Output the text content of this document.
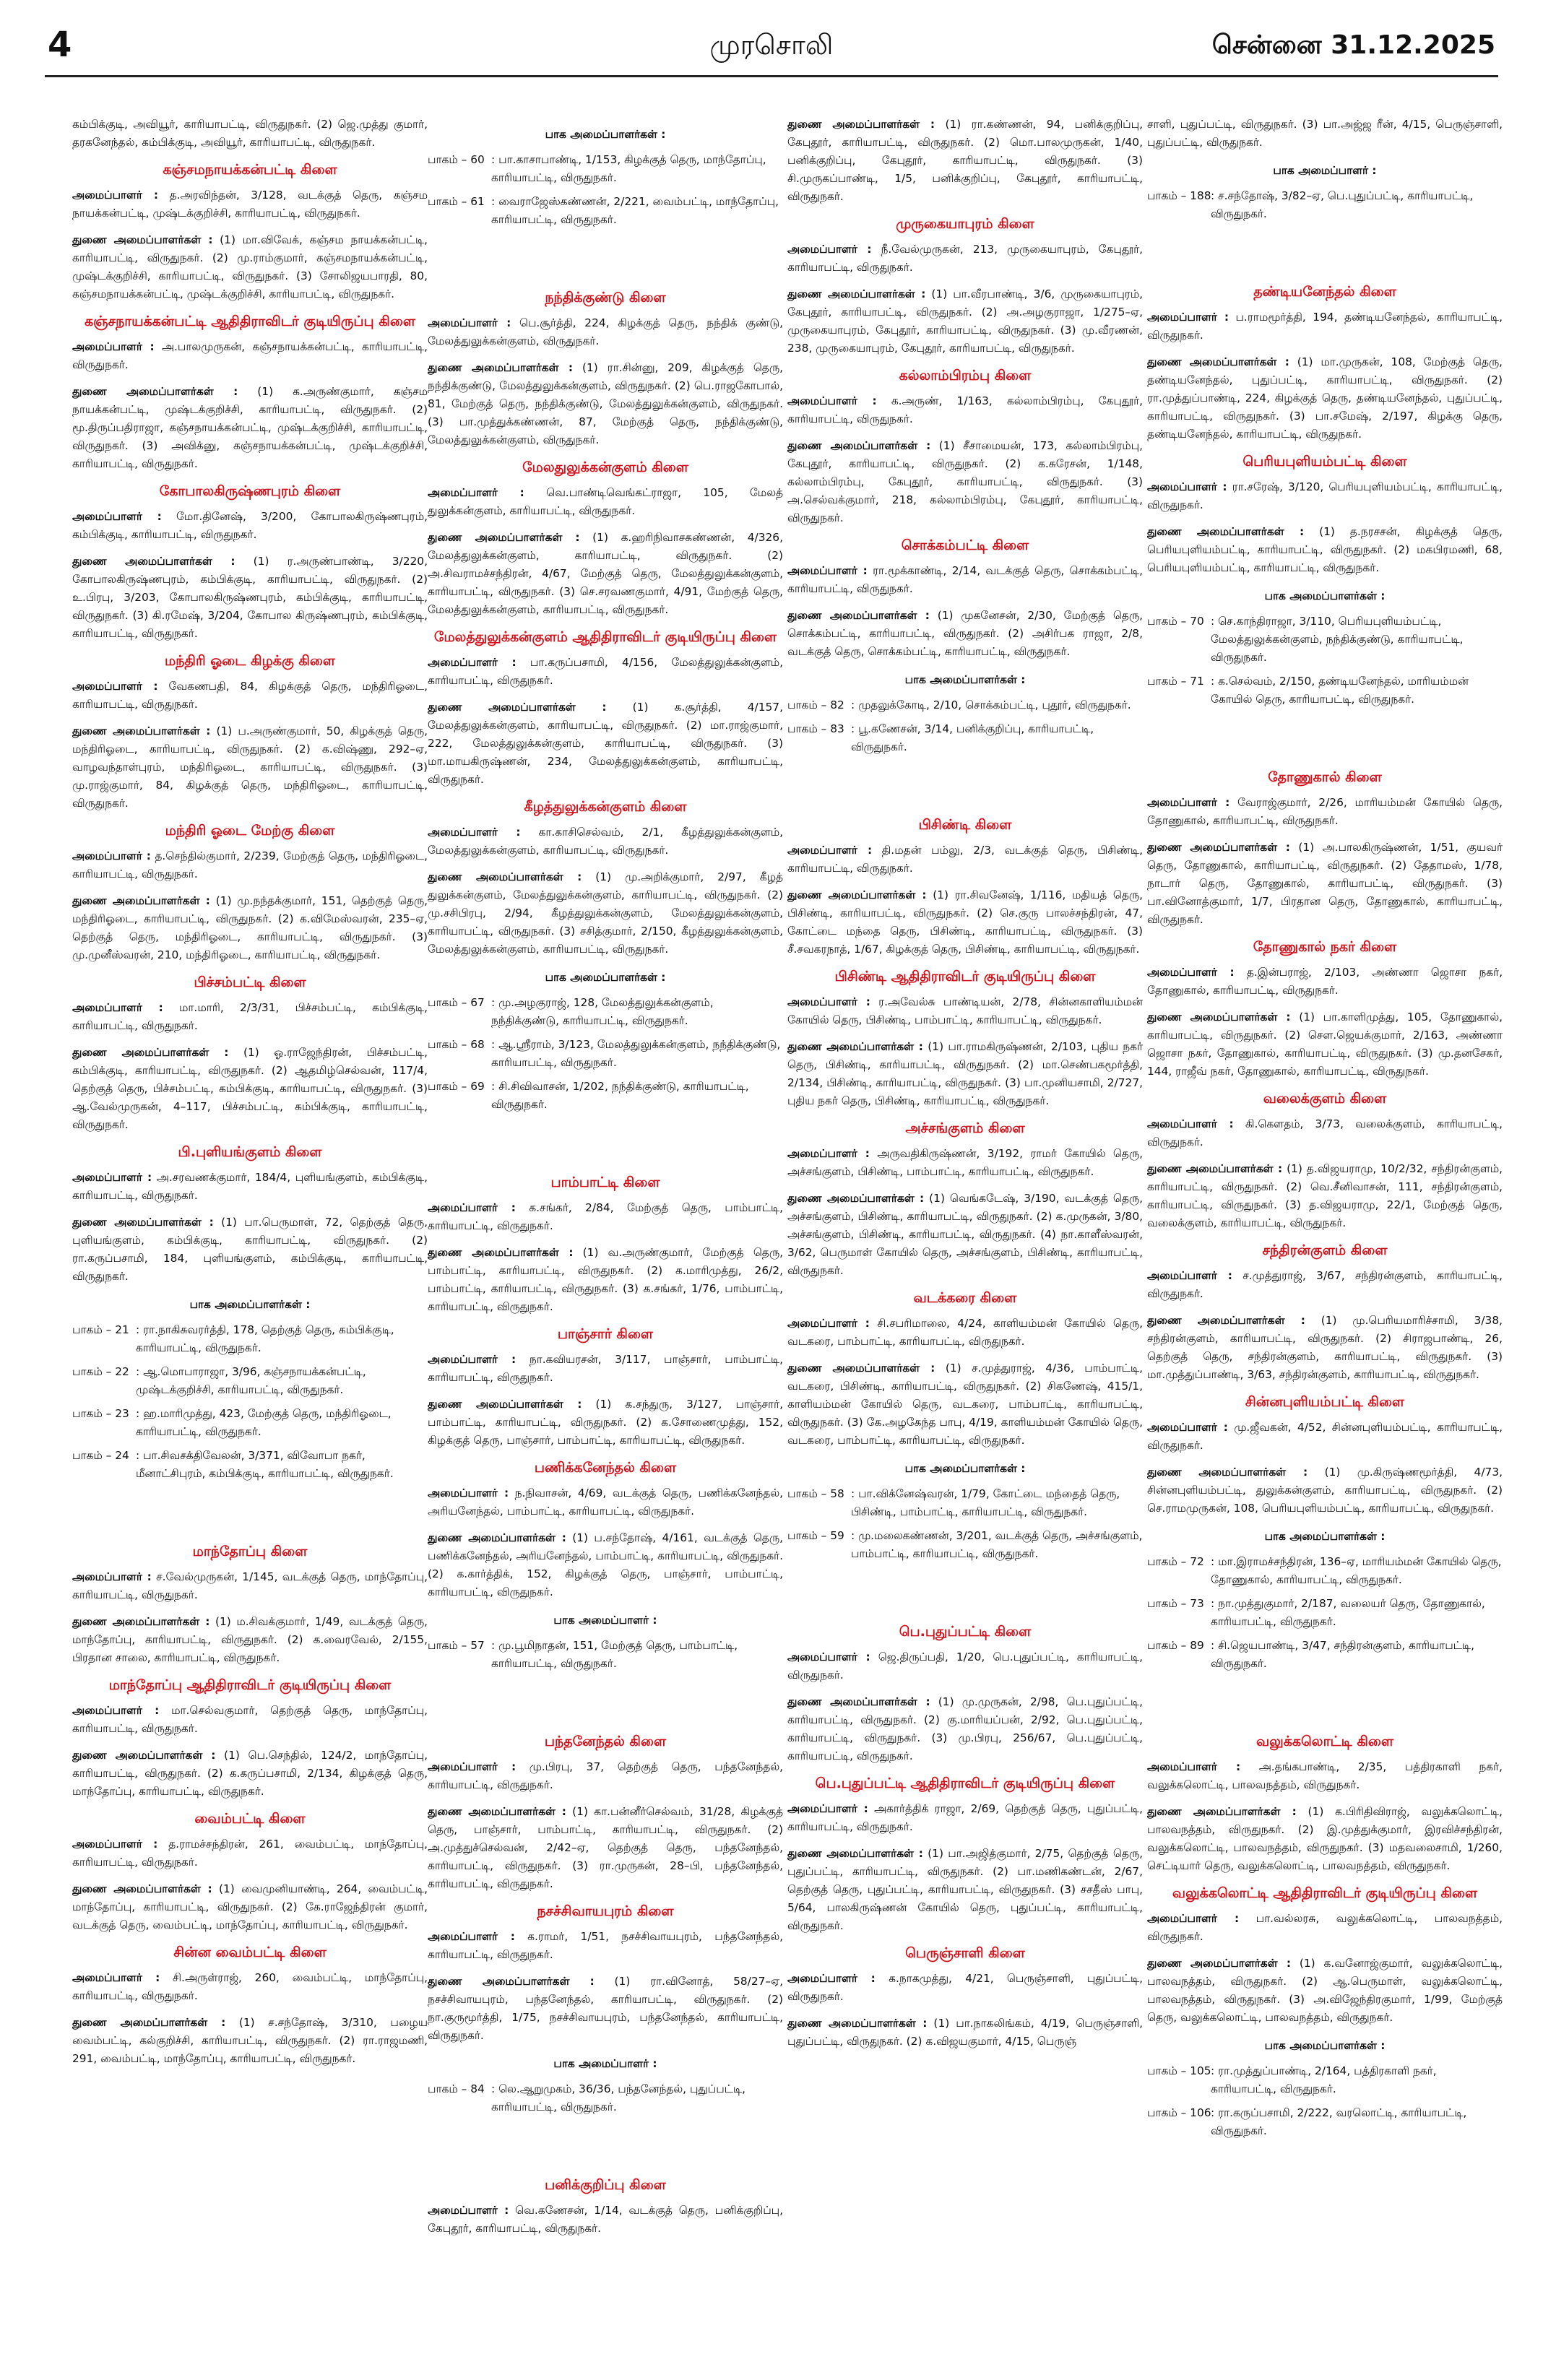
4	முரசொலி	சென்னை 31.12.2025

கம்பிக்குடி, அவியூர், காரியாபட்டி, விருதுநகர். (2) ஜெ.முத்து குமார், தரகனேந்தல், கம்பிக்குடி, அவியூர், காரியாபட்டி, விருதுநகர்.

கஞ்சமநாயக்கன்பட்டி கிளை

அமைப்பாளர் : த.அரவிந்தன், 3/128, வடக்குத் தெரு, கஞ்சம நாயக்கன்பட்டி, முஷ்டக்குறிச்சி, காரியாபட்டி, விருதுநகர்.

துணை அமைப்பாளர்கள் : (1) மா.விவேக், கஞ்சம நாயக்கன்பட்டி, காரியாபட்டி, விருதுநகர். (2) மு.ராம்குமார், கஞ்சமநாயக்கன்பட்டி, முஷ்டக்குறிச்சி, காரியாபட்டி, விருதுநகர். (3) சோலிஜயபாரதி, 80, கஞ்சமநாயக்கன்பட்டி, முஷ்டக்குறிச்சி, காரியாபட்டி, விருதுநகர்.

கஞ்சநாயக்கன்பட்டி ஆதிதிராவிடர் குடியிருப்பு கிளை

அமைப்பாளர் : அ.பாலமுருகன், கஞ்சநாயக்கன்பட்டி, காரியாபட்டி, விருதுநகர்.

துணை அமைப்பாளர்கள் : (1) க.அருண்குமார், கஞ்சம நாயக்கன்பட்டி, முஷ்டக்குறிச்சி, காரியாபட்டி, விருதுநகர். (2) மூ.திருப்பதிராஜா, கஞ்சநாயக்கன்பட்டி, முஷ்டக்குறிச்சி, காரியாபட்டி, விருதுநகர். (3) அவிக்னு, கஞ்சநாயக்கன்பட்டி, முஷ்டக்குறிச்சி, காரியாபட்டி, விருதுநகர்.

கோபாலகிருஷ்ணபுரம் கிளை

அமைப்பாளர் : மோ.தினேஷ், 3/200, கோபாலகிருஷ்ணபுரம், கம்பிக்குடி, காரியாபட்டி, விருதுநகர்.

துணை அமைப்பாளர்கள் : (1) ர.அருண்பாண்டி, 3/220, கோபாலகிருஷ்ணபுரம், கம்பிக்குடி, காரியாபட்டி, விருதுநகர். (2) உ.பிரபு, 3/203, கோபாலகிருஷ்ணபுரம், கம்பிக்குடி, காரியாபட்டி, விருதுநகர். (3) கி.ரமேஷ், 3/204, கோபால கிருஷ்ணபுரம், கம்பிக்குடி, காரியாபட்டி, விருதுநகர்.

மந்திரி ஓடை கிழக்கு கிளை

அமைப்பாளர் : வேகணபதி, 84, கிழக்குத் தெரு, மந்திரிஓடை, காரியாபட்டி, விருதுநகர்.

துணை அமைப்பாளர்கள் : (1) ப.அருண்குமார், 50, கிழக்குத் தெரு, மந்திரிஓடை, காரியாபட்டி, விருதுநகர். (2) க.விஷ்ணு, 292–ஏ, வாழவந்தாள்புரம், மந்திரிஓடை, காரியாபட்டி, விருதுநகர். (3) மு.ராஜ்குமார், 84, கிழக்குத் தெரு, மந்திரிஓடை, காரியாபட்டி, விருதுநகர்.

மந்திரி ஓடை மேற்கு கிளை

அமைப்பாளர் : த.செந்தில்குமார், 2/239, மேற்குத் தெரு, மந்திரிஓடை, காரியாபட்டி, விருதுநகர்.

துணை அமைப்பாளர்கள் : (1) மு.நந்தக்குமார், 151, தெற்குத் தெரு, மந்திரிஓடை, காரியாபட்டி, விருதுநகர். (2) க.விமேஸ்வரன், 235–ஏ, தெற்குத் தெரு, மந்திரிஓடை, காரியாபட்டி, விருதுநகர். (3) மு.முனீஸ்வரன், 210, மந்திரிஓடை, காரியாபட்டி, விருதுநகர்.

பிச்சம்பட்டி கிளை

அமைப்பாளர் : மா.மாரி, 2/3/31, பிச்சம்பட்டி, கம்பிக்குடி, காரியாபட்டி, விருதுநகர்.

துணை அமைப்பாளர்கள் : (1) ஓ.ராஜேந்திரன், பிச்சம்பட்டி, கம்பிக்குடி, காரியாபட்டி, விருதுநகர். (2) ஆதமிழ்செல்வன், 117/4, தெற்குத் தெரு, பிச்சம்பட்டி, கம்பிக்குடி, காரியாபட்டி, விருதுநகர். (3) ஆ.வேல்முருகன், 4–117, பிச்சம்பட்டி, கம்பிக்குடி, காரியாபட்டி, விருதுநகர்.

பி.புளியங்குளம் கிளை

அமைப்பாளர் : அ.சரவணக்குமார், 184/4, புளியங்குளம், கம்பிக்குடி, காரியாபட்டி, விருதுநகர்.

துணை அமைப்பாளர்கள் : (1) பா.பெருமாள், 72, தெற்குத் தெரு, புளியங்குளம், கம்பிக்குடி, காரியாபட்டி, விருதுநகர். (2) ரா.கருப்பசாமி, 184, புளியங்குளம், கம்பிக்குடி, காரியாபட்டி, விருதுநகர்.

பாக அமைப்பாளர்கள் :
பாகம் – 21 : ரா.நாகிசுவரர்த்தி, 178, தெற்குத் தெரு, கம்பிக்குடி, காரியாபட்டி, விருதுநகர்.
பாகம் – 22 : ஆ.மொபாராஜா, 3/96, கஞ்சநாயக்கன்பட்டி, முஷ்டக்குறிச்சி, காரியாபட்டி, விருதுநகர்.
பாகம் – 23 : ஹ.மாரிமுத்து, 423, மேற்குத் தெரு, மந்திரிஓடை, காரியாபட்டி, விருதுநகர்.
பாகம் – 24 : பா.சிவசக்திவேலன், 3/371, விவோபா நகர், மீனாட்சிபுரம், கம்பிக்குடி, காரியாபட்டி, விருதுநகர்.
மாந்தோப்பு கிளை

அமைப்பாளர் : ச.வேல்முருகன், 1/145, வடக்குத் தெரு, மாந்தோப்பு, காரியாபட்டி, விருதுநகர்.

துணை அமைப்பாளர்கள் : (1) ம.சிவக்குமார், 1/49, வடக்குத் தெரு, மாந்தோப்பு, காரியாபட்டி, விருதுநகர். (2) க.வைரவேல், 2/155, பிரதான சாலை, காரியாபட்டி, விருதுநகர்.

மாந்தோப்பு ஆதிதிராவிடர் குடியிருப்பு கிளை

அமைப்பாளர் : மா.செல்வகுமார், தெற்குத் தெரு, மாந்தோப்பு, காரியாபட்டி, விருதுநகர்.

துணை அமைப்பாளர்கள் : (1) பெ.செந்தில், 124/2, மாந்தோப்பு, காரியாபட்டி, விருதுநகர். (2) க.கருப்பசாமி, 2/134, கிழக்குத் தெரு, மாந்தோப்பு, காரியாபட்டி, விருதுநகர்.

வைம்பட்டி கிளை

அமைப்பாளர் : த.ராமச்சந்திரன், 261, வைம்பட்டி, மாந்தோப்பு, காரியாபட்டி, விருதுநகர்.

துணை அமைப்பாளர்கள் : (1) வைமுனியாண்டி, 264, வைம்பட்டி, மாந்தோப்பு, காரியாபட்டி, விருதுநகர். (2) கே.ராஜேந்திரன் குமார், வடக்குத் தெரு, வைம்பட்டி, மாந்தோப்பு, காரியாபட்டி, விருதுநகர்.

சின்ன வைம்பட்டி கிளை

அமைப்பாளர் : சி.அருள்ராஜ், 260, வைம்பட்டி, மாந்தோப்பு, காரியாபட்டி, விருதுநகர்.

துணை அமைப்பாளர்கள் : (1) ச.சந்தோஷ், 3/310, பழைய வைம்பட்டி, கல்குறிச்சி, காரியாபட்டி, விருதுநகர். (2) ரா.ராஜமணி, 291, வைம்பட்டி, மாந்தோப்பு, காரியாபட்டி, விருதுநகர்.

பாக அமைப்பாளர்கள் :
பாகம் – 60 : பா.காசாபாண்டி, 1/153, கிழக்குத் தெரு, மாந்தோப்பு, காரியாபட்டி, விருதுநகர்.
பாகம் – 61 : வைராஜேஸ்கண்ணன், 2/221, வைம்பட்டி, மாந்தோப்பு, காரியாபட்டி, விருதுநகர்.
நந்திக்குண்டு கிளை

அமைப்பாளர் : பெ.சூர்த்தி, 224, கிழக்குத் தெரு, நந்திக் குண்டு, மேலத்துலுக்கன்குளம், விருதுநகர்.

துணை அமைப்பாளர்கள் : (1) ரா.சின்னு, 209, கிழக்குத் தெரு, நந்திக்குண்டு, மேலத்துலுக்கன்குளம், விருதுநகர். (2) பெ.ராஜகோபால், 81, மேற்குத் தெரு, நந்திக்குண்டு, மேலத்துலுக்கன்குளம், விருதுநகர். (3) பா.முத்துக்கண்ணன், 87, மேற்குத் தெரு, நந்திக்குண்டு, மேலத்துலுக்கன்குளம், விருதுநகர்.

மேலதுலுக்கன்குளம் கிளை

அமைப்பாளர் : வெ.பாண்டிவெங்கட்ராஜா, 105, மேலத் துலுக்கன்குளம், காரியாபட்டி, விருதுநகர்.

துணை அமைப்பாளர்கள் : (1) க.ஹரிநிவாசகண்ணன், 4/326, மேலத்துலுக்கன்குளம், காரியாபட்டி, விருதுநகர். (2) அ.சிவராமச்சந்திரன், 4/67, மேற்குத் தெரு, மேலத்துலுக்கன்குளம், காரியாபட்டி, விருதுநகர். (3) செ.சரவணகுமார், 4/91, மேற்குத் தெரு, மேலத்துலுக்கன்குளம், காரியாபட்டி, விருதுநகர்.

மேலத்துலுக்கன்குளம் ஆதிதிராவிடர் குடியிருப்பு கிளை

அமைப்பாளர் : பா.கருப்பசாமி, 4/156, மேலத்துலுக்கன்குளம், காரியாபட்டி, விருதுநகர்.

துணை அமைப்பாளர்கள் : (1) க.சூர்த்தி, 4/157, மேலத்துலுக்கன்குளம், காரியாபட்டி, விருதுநகர். (2) மா.ராஜ்குமார், 222, மேலத்துலுக்கன்குளம், காரியாபட்டி, விருதுநகர். (3) மா.மாயகிருஷ்ணன், 234, மேலத்துலுக்கன்குளம், காரியாபட்டி, விருதுநகர்.

கீழத்துலுக்கன்குளம் கிளை

அமைப்பாளர் : கா.காசிசெல்வம், 2/1, கீழத்துலுக்கன்குளம், மேலத்துலுக்கன்குளம், காரியாபட்டி, விருதுநகர்.

துணை அமைப்பாளர்கள் : (1) மு.அறிக்குமார், 2/97, கீழத் துலுக்கன்குளம், மேலத்துலுக்கன்குளம், காரியாபட்டி, விருதுநகர். (2) மு.சசிபிரபு, 2/94, கீழத்துலுக்கன்குளம், மேலத்துலுக்கன்குளம், காரியாபட்டி, விருதுநகர். (3) சசித்குமார், 2/150, கீழத்துலுக்கன்குளம், மேலத்துலுக்கன்குளம், காரியாபட்டி, விருதுநகர்.

பாக அமைப்பாளர்கள் :
பாகம் – 67 : மு.அழகுராஜ், 128, மேலத்துலுக்கன்குளம், நந்திக்குண்டு, காரியாபட்டி, விருதுநகர்.
பாகம் – 68 : ஆ.ஸ்ரீராம், 3/123, மேலத்துலுக்கன்குளம், நந்திக்குண்டு, காரியாபட்டி, விருதுநகர்.
பாகம் – 69 : சி.சிவிவாசன், 1/202, நந்திக்குண்டு, காரியாபட்டி, விருதுநகர்.
பாம்பாட்டி கிளை

அமைப்பாளர் : க.சங்கர், 2/84, மேற்குத் தெரு, பாம்பாட்டி, காரியாபட்டி, விருதுநகர்.

துணை அமைப்பாளர்கள் : (1) வ.அருண்குமார், மேற்குத் தெரு, பாம்பாட்டி, காரியாபட்டி, விருதுநகர். (2) க.மாரிமுத்து, 26/2, பாம்பாட்டி, காரியாபட்டி, விருதுநகர். (3) க.சங்கர், 1/76, பாம்பாட்டி, காரியாபட்டி, விருதுநகர்.

பாஞ்சார் கிளை

அமைப்பாளர் : நா.கவியரசன், 3/117, பாஞ்சார், பாம்பாட்டி, காரியாபட்டி, விருதுநகர்.

துணை அமைப்பாளர்கள் : (1) க.சந்துரு, 3/127, பாஞ்சார், பாம்பாட்டி, காரியாபட்டி, விருதுநகர். (2) க.சோணைமுத்து, 152, கிழக்குத் தெரு, பாஞ்சார், பாம்பாட்டி, காரியாபட்டி, விருதுநகர்.

பணிக்கனேந்தல் கிளை

அமைப்பாளர் : ந.நிவாசன், 4/69, வடக்குத் தெரு, பணிக்கனேந்தல், அரியனேந்தல், பாம்பாட்டி, காரியாபட்டி, விருதுநகர்.

துணை அமைப்பாளர்கள் : (1) ப.சந்தோஷ், 4/161, வடக்குத் தெரு, பணிக்கனேந்தல், அரியனேந்தல், பாம்பாட்டி, காரியாபட்டி, விருதுநகர். (2) க.கார்த்திக், 152, கிழக்குத் தெரு, பாஞ்சார், பாம்பாட்டி, காரியாபட்டி, விருதுநகர்.

பாக அமைப்பாளர் :
பாகம் – 57 : மு.பூமிநாதன், 151, மேற்குத் தெரு, பாம்பாட்டி, காரியாபட்டி, விருதுநகர்.
பந்தனேந்தல் கிளை

அமைப்பாளர் : மு.பிரபு, 37, தெற்குத் தெரு, பந்தனேந்தல், காரியாபட்டி, விருதுநகர்.

துணை அமைப்பாளர்கள் : (1) கா.பன்னீர்செல்வம், 31/28, கிழக்குத் தெரு, பாஞ்சார், பாம்பாட்டி, காரியாபட்டி, விருதுநகர். (2) அ.முத்துச்செல்வன், 2/42–ஏ, தெற்குத் தெரு, பந்தனேந்தல், காரியாபட்டி, விருதுநகர். (3) ரா.முருகன், 28–பி, பந்தனேந்தல், காரியாபட்டி, விருதுநகர்.

நசச்சிவாயபுரம் கிளை

அமைப்பாளர் : க.ராமர், 1/51, நசச்சிவாயபுரம், பந்தனேந்தல், காரியாபட்டி, விருதுநகர்.

துணை அமைப்பாளர்கள் : (1) ரா.வினோத், 58/27–ஏ, நசச்சிவாயபுரம், பந்தனேந்தல், காரியாபட்டி, விருதுநகர். (2) நா.குருமூர்த்தி, 1/75, நசச்சிவாயபுரம், பந்தனேந்தல், காரியாபட்டி, விருதுநகர்.

பாக அமைப்பாளர் :
பாகம் – 84 : லெ.ஆறுமுகம், 36/36, பந்தனேந்தல், புதுப்பட்டி, காரியாபட்டி, விருதுநகர்.
பனிக்குறிப்பு கிளை

அமைப்பாளர் : வெ.கணேசன், 1/14, வடக்குத் தெரு, பனிக்குறிப்பு, கேபுதூர், காரியாபட்டி, விருதுநகர்.

துணை அமைப்பாளர்கள் : (1) ரா.கண்ணன், 94, பனிக்குறிப்பு, கேபுதூர், காரியாபட்டி, விருதுநகர். (2) மொ.பாலமுருகன், 1/40, பனிக்குறிப்பு, கேபுதூர், காரியாபட்டி, விருதுநகர். (3) சி.முருகப்பாண்டி, 1/5, பனிக்குறிப்பு, கேபுதூர், காரியாபட்டி, விருதுநகர்.

முருகையாபுரம் கிளை

அமைப்பாளர் : நீ.வேல்முருகன், 213, முருகையாபுரம், கேபுதூர், காரியாபட்டி, விருதுநகர்.

துணை அமைப்பாளர்கள் : (1) பா.வீரபாண்டி, 3/6, முருகையாபுரம், கேபுதூர், காரியாபட்டி, விருதுநகர். (2) அ.அழகுராஜா, 1/275–ஏ, முருகையாபுரம், கேபுதூர், காரியாபட்டி, விருதுநகர். (3) மு.வீரணன், 238, முருகையாபுரம், கேபுதூர், காரியாபட்டி, விருதுநகர்.

கல்லாம்பிரம்பு கிளை

அமைப்பாளர் : க.அருண், 1/163, கல்லாம்பிரம்பு, கேபுதூர், காரியாபட்டி, விருதுநகர்.

துணை அமைப்பாளர்கள் : (1) சீசாமையன், 173, கல்லாம்பிரம்பு, கேபுதூர், காரியாபட்டி, விருதுநகர். (2) க.சுரேசன், 1/148, கல்லாம்பிரம்பு, கேபுதூர், காரியாபட்டி, விருதுநகர். (3) அ.செல்வக்குமார், 218, கல்லாம்பிரம்பு, கேபுதூர், காரியாபட்டி, விருதுநகர்.

சொக்கம்பட்டி கிளை

அமைப்பாளர் : ரா.மூக்காண்டி, 2/14, வடக்குத் தெரு, சொக்கம்பட்டி, காரியாபட்டி, விருதுநகர்.

துணை அமைப்பாளர்கள் : (1) முகனேசன், 2/30, மேற்குத் தெரு, சொக்கம்பட்டி, காரியாபட்டி, விருதுநகர். (2) அசிர்பக ராஜா, 2/8, வடக்குத் தெரு, சொக்கம்பட்டி, காரியாபட்டி, விருதுநகர்.

பாக அமைப்பாளர்கள் :
பாகம் – 82 : முதலுக்கோடி, 2/10, சொக்கம்பட்டி, புதூர், விருதுநகர்.
பாகம் – 83 : பூ.கணேசன், 3/14, பனிக்குறிப்பு, காரியாபட்டி, விருதுநகர்.
பிசிண்டி கிளை

அமைப்பாளர் : தி.மதன் பம்லு, 2/3, வடக்குத் தெரு, பிசிண்டி, காரியாபட்டி, விருதுநகர்.

துணை அமைப்பாளர்கள் : (1) ரா.சிவனேஷ், 1/116, மதியத் தெரு, பிசிண்டி, காரியாபட்டி, விருதுநகர். (2) செ.குரு பாலச்சந்திரன், 47, கோட்டை மந்தை தெரு, பிசிண்டி, காரியாபட்டி, விருதுநகர். (3) சீ.சவகரநாத், 1/67, கிழக்குத் தெரு, பிசிண்டி, காரியாபட்டி, விருதுநகர்.

பிசிண்டி ஆதிதிராவிடர் குடியிருப்பு கிளை

அமைப்பாளர் : ர.அவேல்சு பாண்டியன், 2/78, சின்னகாளியம்மன் கோயில் தெரு, பிசிண்டி, பாம்பாட்டி, காரியாபட்டி, விருதுநகர்.

துணை அமைப்பாளர்கள் : (1) பா.ராமகிருஷ்ணன், 2/103, புதிய நகர் தெரு, பிசிண்டி, காரியாபட்டி, விருதுநகர். (2) மா.செண்பகமூர்த்தி, 2/134, பிசிண்டி, காரியாபட்டி, விருதுநகர். (3) பா.முனியசாமி, 2/727, புதிய நகர் தெரு, பிசிண்டி, காரியாபட்டி, விருதுநகர்.

அச்சங்குளம் கிளை

அமைப்பாளர் : அருவதிகிருஷ்ணன், 3/192, ராமர் கோயில் தெரு, அச்சங்குளம், பிசிண்டி, பாம்பாட்டி, காரியாபட்டி, விருதுநகர்.

துணை அமைப்பாளர்கள் : (1) வெங்கடேஷ், 3/190, வடக்குத் தெரு, அச்சங்குளம், பிசிண்டி, காரியாபட்டி, விருதுநகர். (2) க.முருகன், 3/80, அச்சங்குளம், பிசிண்டி, காரியாபட்டி, விருதுநகர். (4) நா.காளீஸ்வரன், 3/62, பெருமாள் கோயில் தெரு, அச்சங்குளம், பிசிண்டி, காரியாபட்டி, விருதுநகர்.

வடக்கரை கிளை

அமைப்பாளர் : சி.சபரிமாலை, 4/24, காளியம்மன் கோயில் தெரு, வடகரை, பாம்பாட்டி, காரியாபட்டி, விருதுநகர்.

துணை அமைப்பாளர்கள் : (1) ச.முத்துராஜ், 4/36, பாம்பாட்டி, வடகரை, பிசிண்டி, காரியாபட்டி, விருதுநகர். (2) சிகணேஷ், 415/1, காளியம்மன் கோயில் தெரு, வடகரை, பாம்பாட்டி, காரியாபட்டி, விருதுநகர். (3) கே.அழகேந்த பாபு, 4/19, காளியம்மன் கோயில் தெரு, வடகரை, பாம்பாட்டி, காரியாபட்டி, விருதுநகர்.

பாக அமைப்பாளர்கள் :
பாகம் – 58 : பா.விக்னேஷ்வரன், 1/79, கோட்டை மந்தைத் தெரு, பிசிண்டி, பாம்பாட்டி, காரியாபட்டி, விருதுநகர்.
பாகம் – 59 : மு.மலைகண்ணன், 3/201, வடக்குத் தெரு, அச்சங்குளம், பாம்பாட்டி, காரியாபட்டி, விருதுநகர்.
பெ.புதுப்பட்டி கிளை

அமைப்பாளர் : ஜெ.திருப்பதி, 1/20, பெ.புதுப்பட்டி, காரியாபட்டி, விருதுநகர்.

துணை அமைப்பாளர்கள் : (1) மு.முருகன், 2/98, பெ.புதுப்பட்டி, காரியாபட்டி, விருதுநகர். (2) கு.மாரியப்பன், 2/92, பெ.புதுப்பட்டி, காரியாபட்டி, விருதுநகர். (3) மு.பிரபு, 256/67, பெ.புதுப்பட்டி, காரியாபட்டி, விருதுநகர்.

பெ.புதுப்பட்டி ஆதிதிராவிடர் குடியிருப்பு கிளை

அமைப்பாளர் : அகார்த்திக் ராஜா, 2/69, தெற்குத் தெரு, புதுப்பட்டி, காரியாபட்டி, விருதுநகர்.

துணை அமைப்பாளர்கள் : (1) பா.அஜித்குமார், 2/75, தெற்குத் தெரு, புதுப்பட்டி, காரியாபட்டி, விருதுநகர். (2) பா.மணிகண்டன், 2/67, தெற்குத் தெரு, புதுப்பட்டி, காரியாபட்டி, விருதுநகர். (3) சசதீஸ் பாபு, 5/64, பாலகிருஷ்ணன் கோயில் தெரு, புதுப்பட்டி, காரியாபட்டி, விருதுநகர்.

பெருஞ்சாளி கிளை

அமைப்பாளர் : க.நாகமுத்து, 4/21, பெருஞ்சாளி, புதுப்பட்டி, விருதுநகர்.

துணை அமைப்பாளர்கள் : (1) பா.நாகலிங்கம், 4/19, பெருஞ்சாளி, புதுப்பட்டி, விருதுநகர். (2) க.விஜயகுமார், 4/15, பெருஞ்

சாளி, புதுப்பட்டி, விருதுநகர். (3) பா.அஜ்ஜ ரீன், 4/15, பெருஞ்சாளி, புதுப்பட்டி, விருதுநகர்.

பாக அமைப்பாளர் :
பாகம் – 188 : ச.சந்தோஷ், 3/82–ஏ, பெ.புதுப்பட்டி, காரியாபட்டி, விருதுநகர்.
தண்டியனேந்தல் கிளை

அமைப்பாளர் : ப.ராமமூர்த்தி, 194, தண்டியனேந்தல், காரியாபட்டி, விருதுநகர்.

துணை அமைப்பாளர்கள் : (1) மா.முருகன், 108, மேற்குத் தெரு, தண்டியனேந்தல், புதுப்பட்டி, காரியாபட்டி, விருதுநகர். (2) ரா.முத்துப்பாண்டி, 224, கிழக்குத் தெரு, தண்டியனேந்தல், புதுப்பட்டி, காரியாபட்டி, விருதுநகர். (3) பா.சமேஷ், 2/197, கிழக்கு தெரு, தண்டியனேந்தல், காரியாபட்டி, விருதுநகர்.

பெரியபுளியம்பட்டி கிளை

அமைப்பாளர் : ரா.சரேஷ், 3/120, பெரியபுளியம்பட்டி, காரியாபட்டி, விருதுநகர்.

துணை அமைப்பாளர்கள் : (1) த.நரசசன், கிழக்குத் தெரு, பெரியபுளியம்பட்டி, காரியாபட்டி, விருதுநகர். (2) மகபிரமணி, 68, பெரியபுளியம்பட்டி, காரியாபட்டி, விருதுநகர்.

பாக அமைப்பாளர்கள் :
பாகம் – 70 : செ.காந்திராஜா, 3/110, பெரியபுளியம்பட்டி, மேலத்துலுக்கன்குளம், நந்திக்குண்டு, காரியாபட்டி, விருதுநகர்.
பாகம் – 71 : க.செல்வம், 2/150, தண்டியனேந்தல், மாரியம்மன் கோயில் தெரு, காரியாபட்டி, விருதுநகர்.
தோணுகால் கிளை

அமைப்பாளர் : வேராஜ்குமார், 2/26, மாரியம்மன் கோயில் தெரு, தோணுகால், காரியாபட்டி, விருதுநகர்.

துணை அமைப்பாளர்கள் : (1) அ.பாலகிருஷ்ணன், 1/51, குயவர் தெரு, தோணுகால், காரியாபட்டி, விருதுநகர். (2) தேதாமஸ், 1/78, நாடார் தெரு, தோணுகால், காரியாபட்டி, விருதுநகர். (3) பா.வினோத்குமார், 1/7, பிரதான தெரு, தோணுகால், காரியாபட்டி, விருதுநகர்.

தோணுகால் நகர் கிளை

அமைப்பாளர் : த.இன்பராஜ், 2/103, அண்ணா ஜொசா நகர், தோணுகால், காரியாபட்டி, விருதுநகர்.

துணை அமைப்பாளர்கள் : (1) பா.காளிமுத்து, 105, தோணுகால், காரியாபட்டி, விருதுநகர். (2) செள.ஜெயக்குமார், 2/163, அண்ணா ஜொசா நகர், தோணுகால், காரியாபட்டி, விருதுநகர். (3) மு.தனசேகர், 144, ராஜீவ் நகர், தோணுகால், காரியாபட்டி, விருதுநகர்.

வலைக்குளம் கிளை

அமைப்பாளர் : கி.கௌதம், 3/73, வலைக்குளம், காரியாபட்டி, விருதுநகர்.

துணை அமைப்பாளர்கள் : (1) த.விஜயராமு, 10/2/32, சந்திரன்குளம், காரியாபட்டி, விருதுநகர். (2) வெ.சீனிவாசன், 111, சந்திரன்குளம், காரியாபட்டி, விருதுநகர். (3) த.விஜயராமு, 22/1, மேற்குத் தெரு, வலைக்குளம், காரியாபட்டி, விருதுநகர்.

சந்திரன்குளம் கிளை

அமைப்பாளர் : ச.முத்துராஜ், 3/67, சந்திரன்குளம், காரியாபட்டி, விருதுநகர்.

துணை அமைப்பாளர்கள் : (1) மு.பெரியமாரிச்சாமி, 3/38, சந்திரன்குளம், காரியாபட்டி, விருதுநகர். (2) சிராஜபாண்டி, 26, தெற்குத் தெரு, சந்திரன்குளம், காரியாபட்டி, விருதுநகர். (3) மா.முத்துப்பாண்டி, 3/63, சந்திரன்குளம், காரியாபட்டி, விருதுநகர்.

சின்னபுளியம்பட்டி கிளை

அமைப்பாளர் : மு.ஜீவகன், 4/52, சின்னபுளியம்பட்டி, காரியாபட்டி, விருதுநகர்.

துணை அமைப்பாளர்கள் : (1) மு.கிருஷ்ணமூர்த்தி, 4/73, சின்னபுளியம்பட்டி, துலுக்கன்குளம், காரியாபட்டி, விருதுநகர். (2) செ.ராமமுருகன், 108, பெரியபுளியம்பட்டி, காரியாபட்டி, விருதுநகர்.

பாக அமைப்பாளர்கள் :
பாகம் – 72 : மா.இராமச்சந்திரன், 136–ஏ, மாரியம்மன் கோயில் தெரு, தோணுகால், காரியாபட்டி, விருதுநகர்.
பாகம் – 73 : நா.முத்துகுமார், 2/187, வலையர் தெரு, தோணுகால், காரியாபட்டி, விருதுநகர்.
பாகம் – 89 : சி.ஜெயபாண்டி, 3/47, சந்திரன்குளம், காரியாபட்டி, விருதுநகர்.
வலுக்கலொட்டி கிளை

அமைப்பாளர் : அ.தங்கபாண்டி, 2/35, பத்திரகாளி நகர், வலுக்கலொட்டி, பாலவநத்தம், விருதுநகர்.

துணை அமைப்பாளர்கள் : (1) க.பிரிதிவிராஜ், வலுக்கலொட்டி, பாலவநத்தம், விருதுநகர். (2) இ.முத்துக்குமார், இரவிச்சந்திரன், வலுக்கலொட்டி, பாலவநத்தம், விருதுநகர். (3) மதவலைசாமி, 1/260, செட்டியார் தெரு, வலுக்கலொட்டி, பாலவநத்தம், விருதுநகர்.

வலுக்கலொட்டி ஆதிதிராவிடர் குடியிருப்பு கிளை

அமைப்பாளர் : பா.வல்லரசு, வலுக்கலொட்டி, பாலவநத்தம், விருதுநகர்.

துணை அமைப்பாளர்கள் : (1) க.வனோஜ்குமார், வலுக்கலொட்டி, பாலவநத்தம், விருதுநகர். (2) ஆ.பெருமாள், வலுக்கலொட்டி, பாலவநத்தம், விருதுநகர். (3) அ.விஜேந்திரகுமார், 1/99, மேற்குத் தெரு, வலுக்கலொட்டி, பாலவநத்தம், விருதுநகர்.

பாக அமைப்பாளர்கள் :
பாகம் – 105 : ரா.முத்துப்பாண்டி, 2/164, பத்திரகாளி நகர், காரியாபட்டி, விருதுநகர்.
பாகம் – 106 : ரா.கருப்பசாமி, 2/222, வரலொட்டி, காரியாபட்டி, விருதுநகர்.
